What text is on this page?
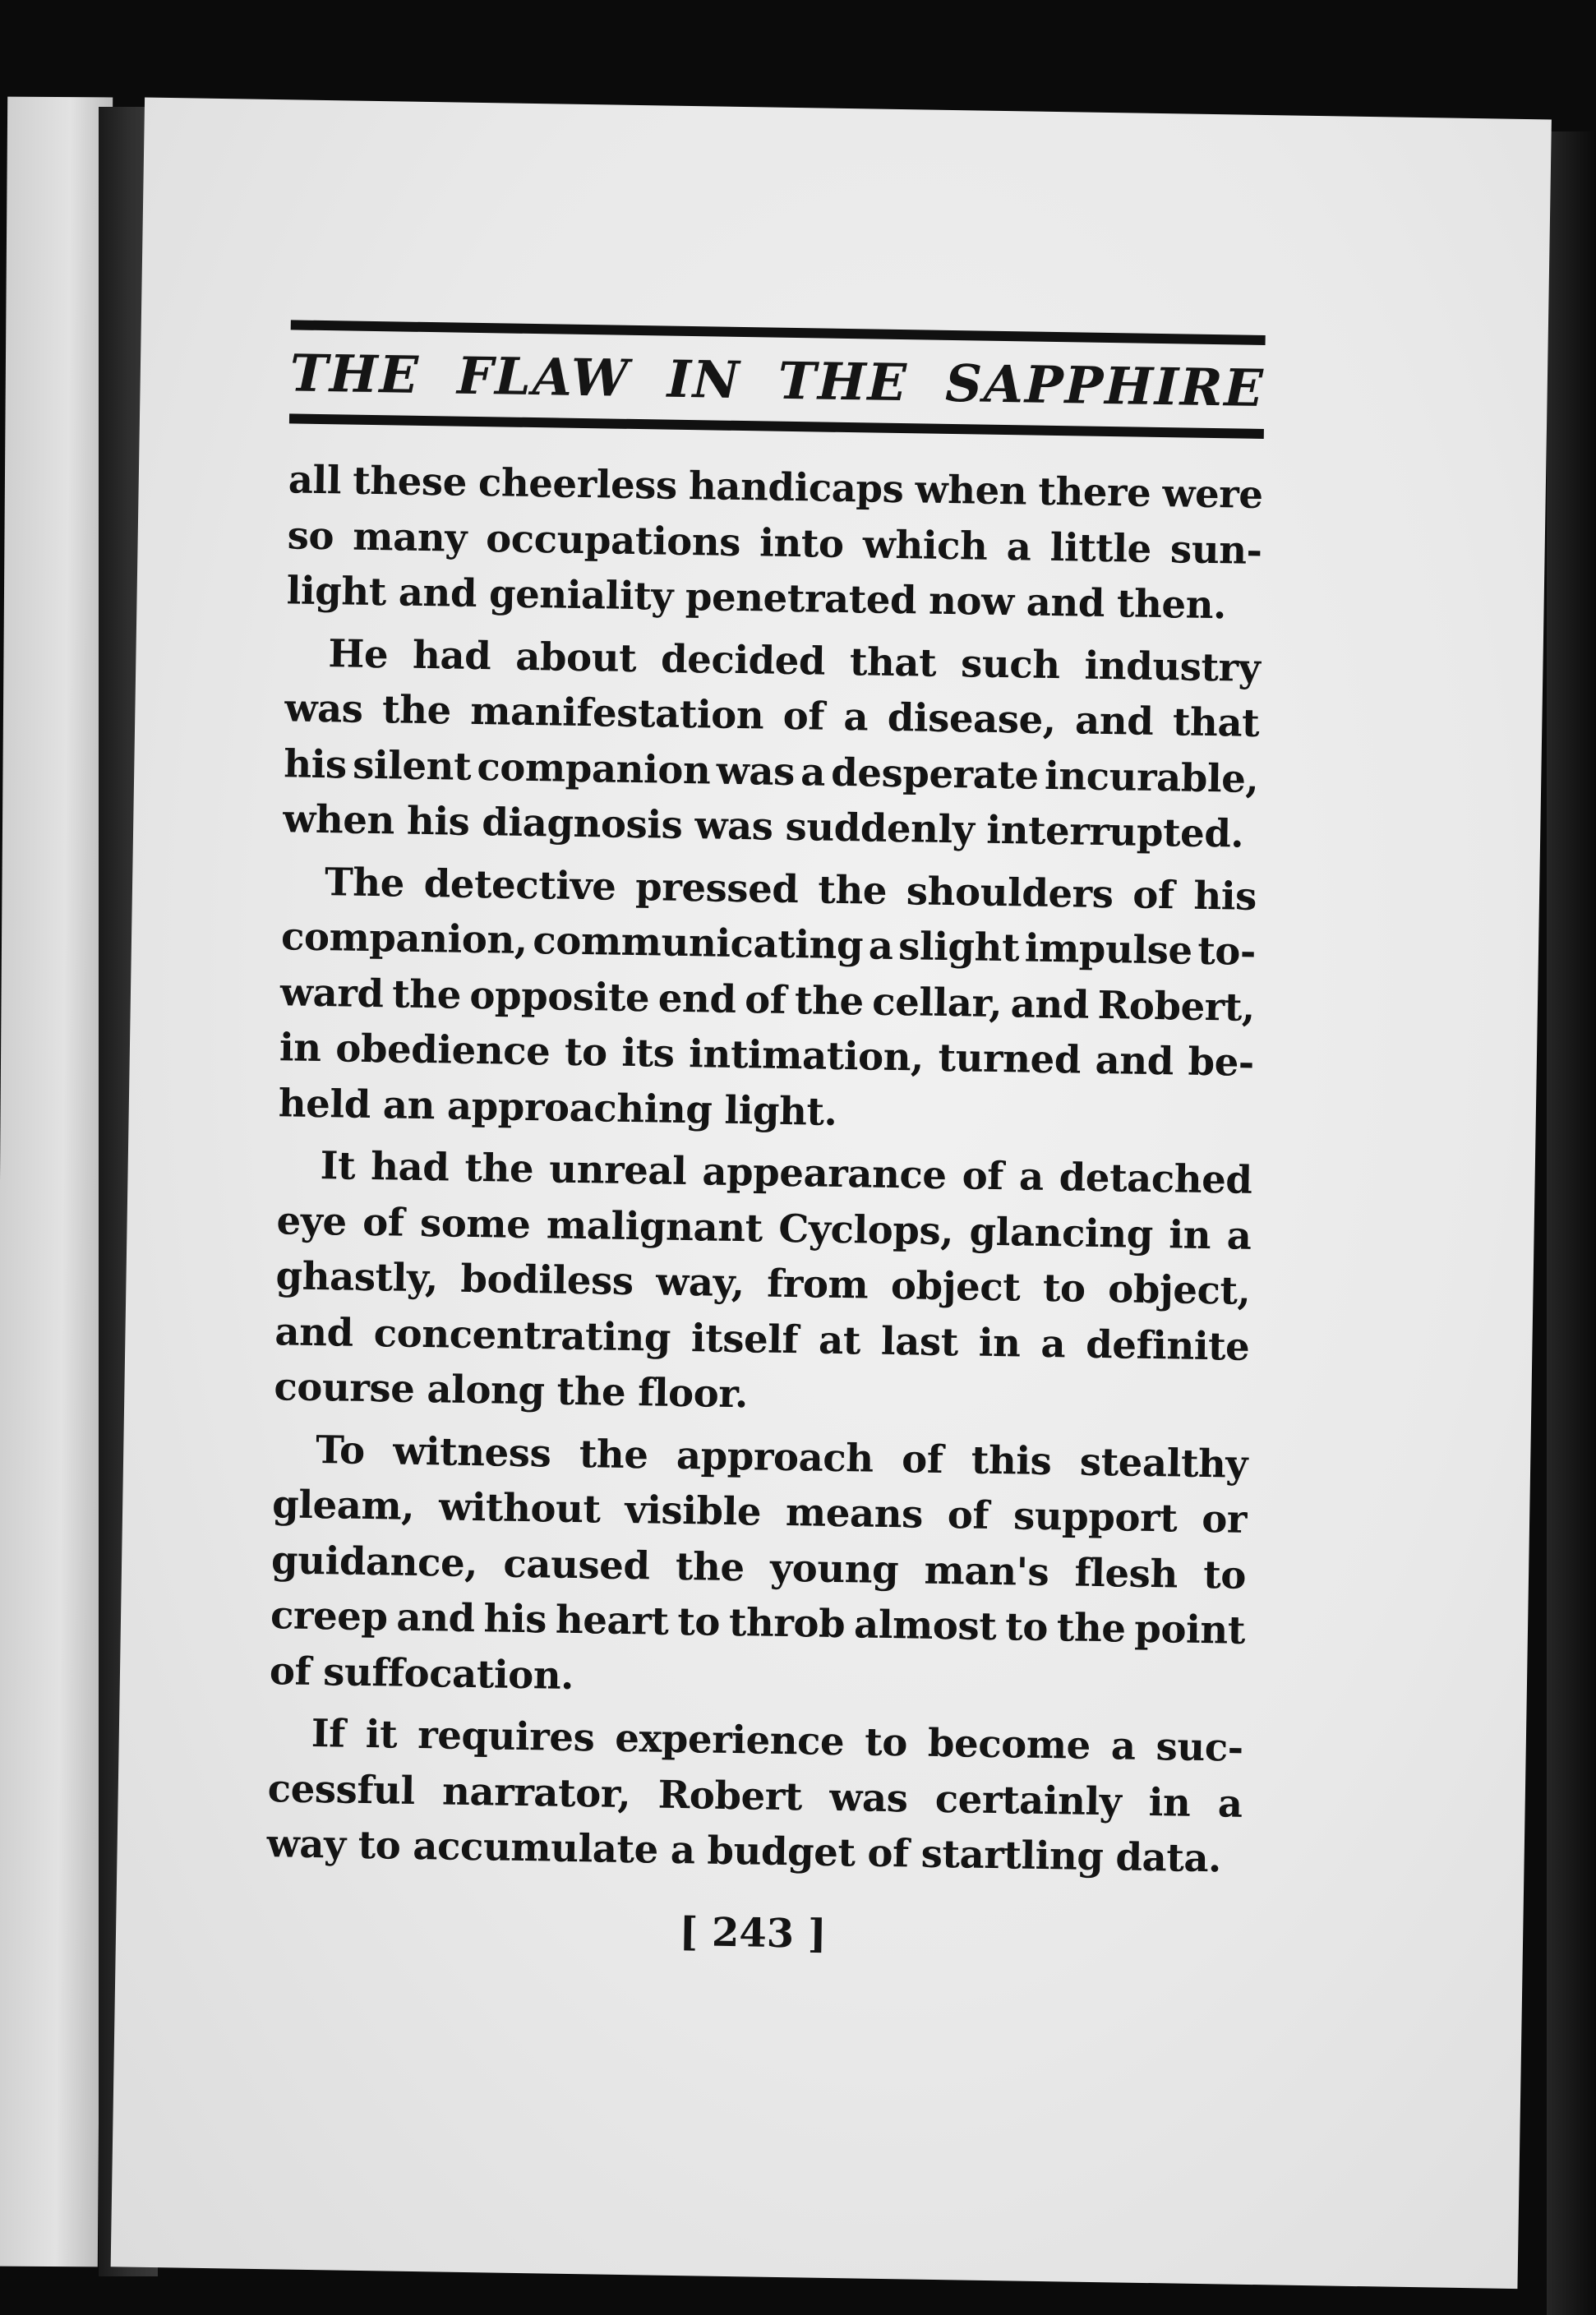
THE FLAW IN THE SAPPHIRE
all these cheerless handicaps when there were
so many occupations into which a little sun-
light and geniality penetrated now and then.
He had about decided that such industry
was the manifestation of a disease, and that
his silent companion was a desperate incurable,
when his diagnosis was suddenly interrupted.
The detective pressed the shoulders of his
companion, communicating a slight impulse to-
ward the opposite end of the cellar, and Robert,
in obedience to its intimation, turned and be-
held an approaching light.
It had the unreal appearance of a detached
eye of some malignant Cyclops, glancing in a
ghastly, bodiless way, from object to object,
and concentrating itself at last in a definite
course along the floor.
To witness the approach of this stealthy
gleam, without visible means of support or
guidance, caused the young man's flesh to
creep and his heart to throb almost to the point
of suffocation.
If it requires experience to become a suc-
cessful narrator, Robert was certainly in a
way to accumulate a budget of startling data.
[ 243 ]
